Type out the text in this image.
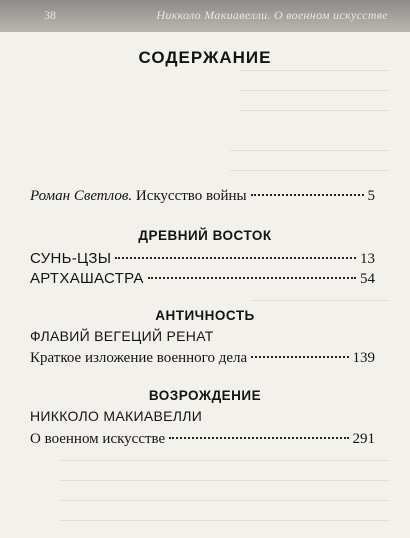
38	Никколо Макиавелли. О военном искусстве
СОДЕРЖАНИЕ
Роман Светлов. Искусство войны	5
ДРЕВНИЙ ВОСТОК
СУНЬ-ЦЗЫ	13
АРТХАШАСТРА	54
АНТИЧНОСТЬ
ФЛАВИЙ ВЕГЕЦИЙ РЕНАТ
Краткое изложение военного дела	139
ВОЗРОЖДЕНИЕ
НИККОЛО МАКИАВЕЛЛИ
О военном искусстве	291
